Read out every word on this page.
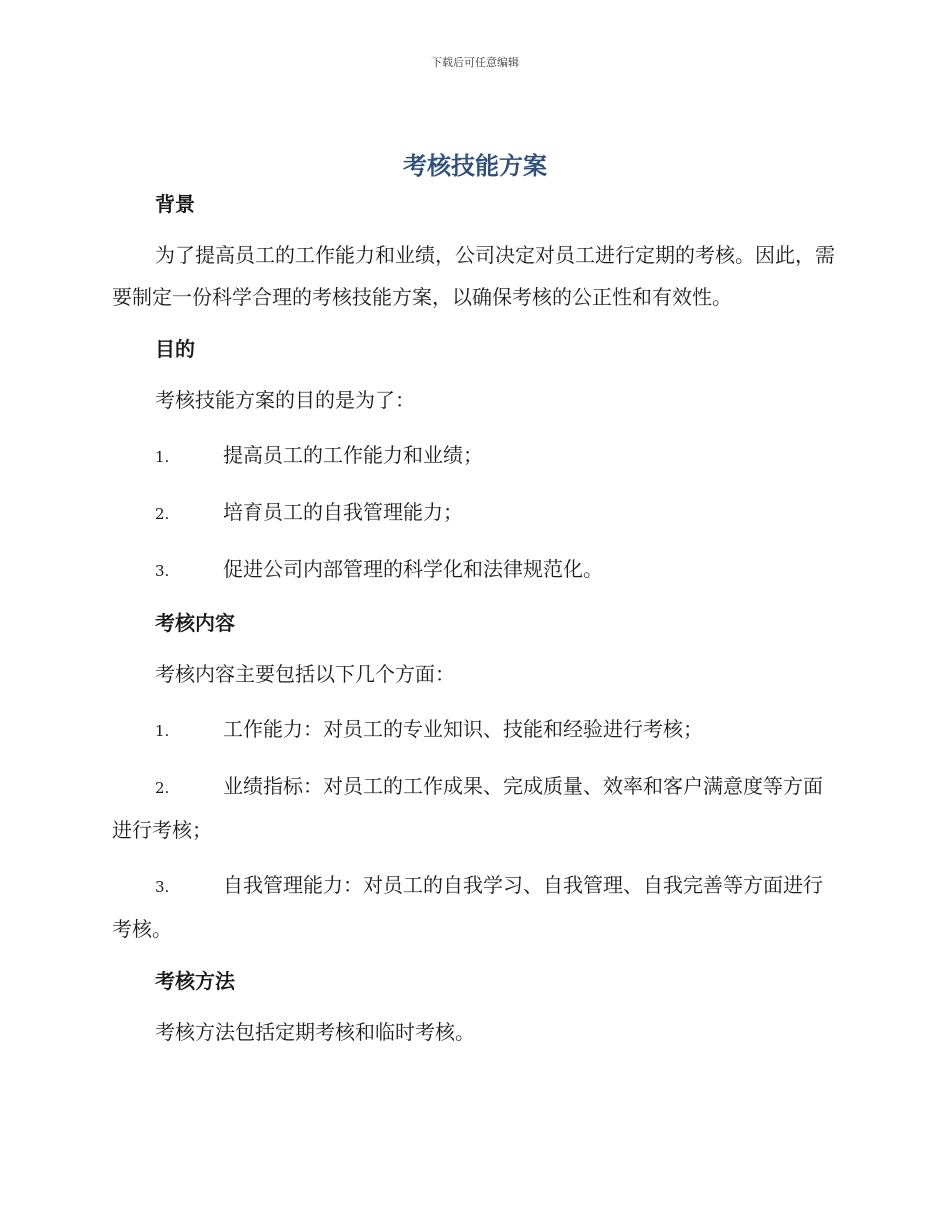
下载后可任意编辑
考核技能方案
背景

为了提高员工的工作能力和业绩，公司决定对员工进行定期的考核。因此，需要制定一份科学合理的考核技能方案，以确保考核的公正性和有效性。

目的

考核技能方案的目的是为了：

1.	提高员工的工作能力和业绩；

2.	培育员工的自我管理能力；

3.	促进公司内部管理的科学化和法律规范化。

考核内容

考核内容主要包括以下几个方面：

1.	工作能力：对员工的专业知识、技能和经验进行考核；

2.	业绩指标：对员工的工作成果、完成质量、效率和客户满意度等方面进行考核；

3.	自我管理能力：对员工的自我学习、自我管理、自我完善等方面进行考核。

考核方法

考核方法包括定期考核和临时考核。
